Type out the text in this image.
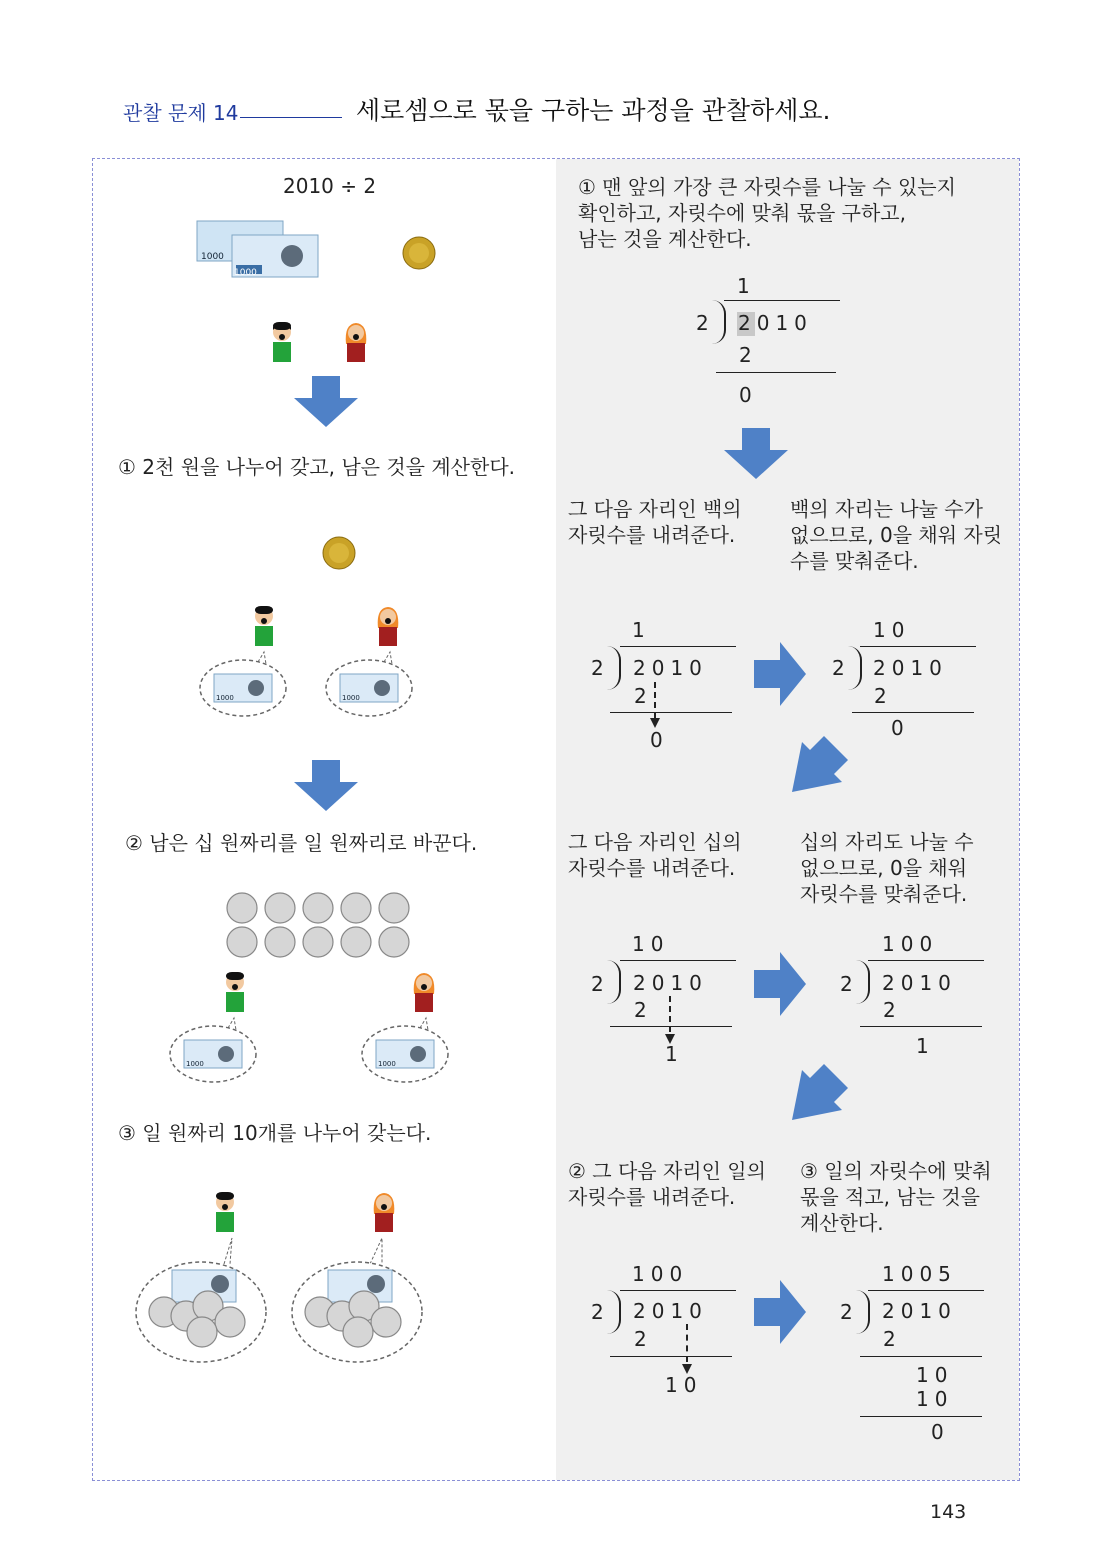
관찰 문제 14	세로셈으로 몫을 구하는 과정을 관찰하세요.
2010 ÷ 2
1000
1000
① 2천 원을 나누어 갖고, 남은 것을 계산한다.
1000	1000
② 남은 십 원짜리를 일 원짜리로 바꾼다.
1000	1000
③ 일 원짜리 10개를 나누어 갖는다.
① 맨 앞의 가장 큰 자릿수를 나눌 수 있는지
확인하고, 자릿수에 맞춰 몫을 구하고,
남는 것을 계산한다.
1
2 2010
2
0
그 다음 자리인 백의
자릿수를 내려준다.
백의 자리는 나눌 수가
없으므로, 0을 채워 자릿
수를 맞춰준다.
1
2 2010
2
0
10
2 2010
2
0
그 다음 자리인 십의
자릿수를 내려준다.
십의 자리도 나눌 수
없으므로, 0을 채워
자릿수를 맞춰준다.
10
2 2010
2
1
100
2 2010
2
1
② 그 다음 자리인 일의
자릿수를 내려준다.
③ 일의 자릿수에 맞춰
몫을 적고, 남는 것을
계산한다.
100
2 2010
2
10
1005
2 2010
2
10
10
0
143
